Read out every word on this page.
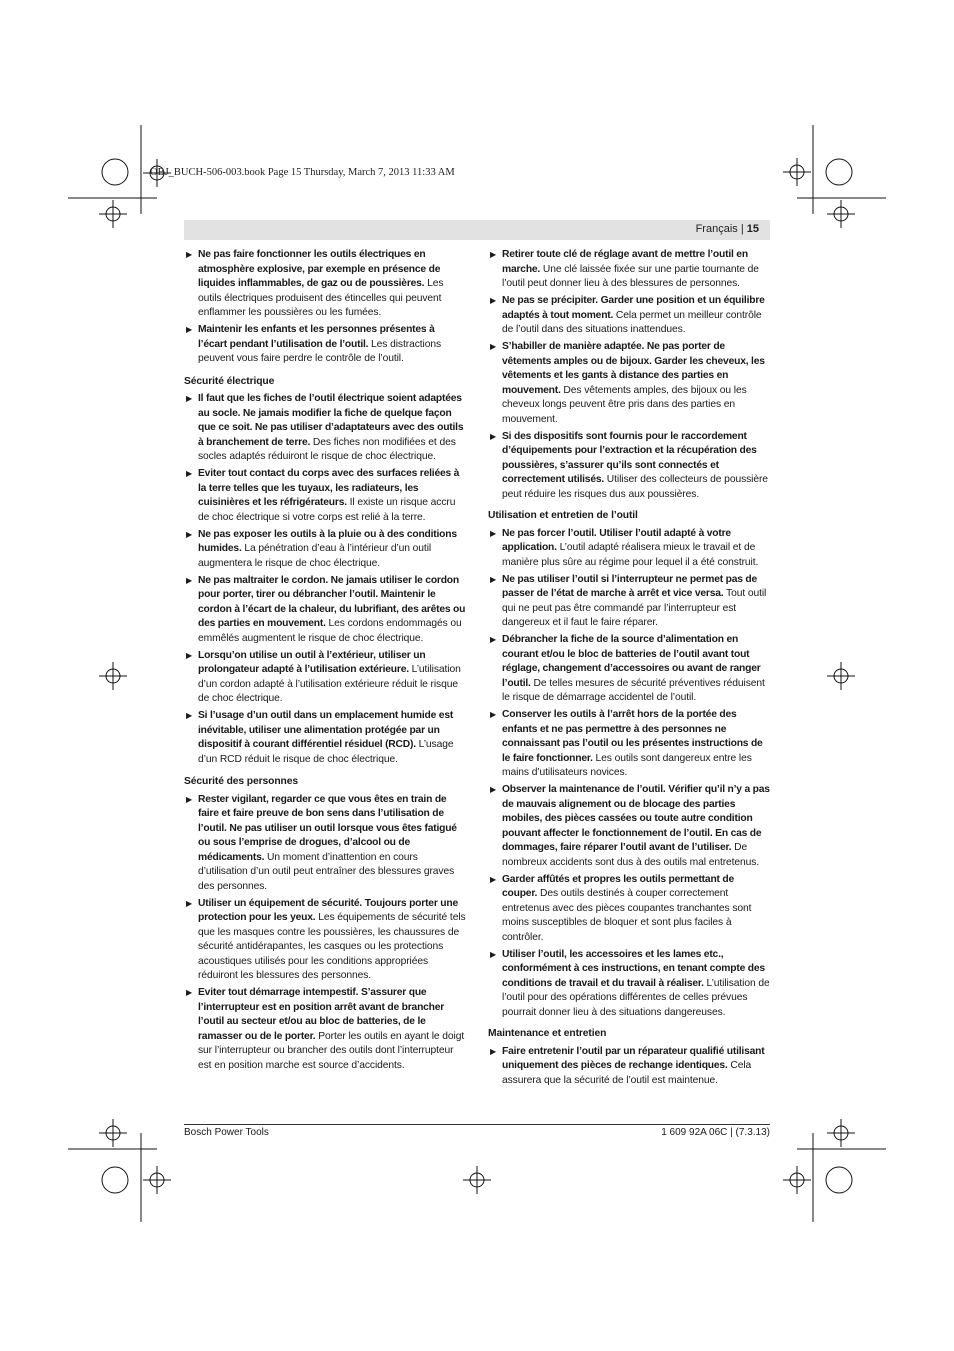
OBJ_BUCH-506-003.book Page 15 Thursday, March 7, 2013 11:33 AM
Français | 15
▶ Ne pas faire fonctionner les outils électriques en atmosphère explosive, par exemple en présence de liquides inflammables, de gaz ou de poussières. Les outils électriques produisent des étincelles qui peuvent enflammer les poussières ou les fumées.
▶ Maintenir les enfants et les personnes présentes à l’écart pendant l’utilisation de l’outil. Les distractions peuvent vous faire perdre le contrôle de l’outil.
Sécurité électrique
▶ Il faut que les fiches de l’outil électrique soient adaptées au socle. Ne jamais modifier la fiche de quelque façon que ce soit. Ne pas utiliser d’adaptateurs avec des outils à branchement de terre. Des fiches non modifiées et des socles adaptés réduiront le risque de choc électrique.
▶ Eviter tout contact du corps avec des surfaces reliées à la terre telles que les tuyaux, les radiateurs, les cuisinières et les réfrigérateurs. Il existe un risque accru de choc électrique si votre corps est relié à la terre.
▶ Ne pas exposer les outils à la pluie ou à des conditions humides. La pénétration d’eau à l’intérieur d’un outil augmentera le risque de choc électrique.
▶ Ne pas maltraiter le cordon. Ne jamais utiliser le cordon pour porter, tirer ou débrancher l’outil. Maintenir le cordon à l’écart de la chaleur, du lubrifiant, des arêtes ou des parties en mouvement. Les cordons endommagés ou emmêlés augmentent le risque de choc électrique.
▶ Lorsqu’on utilise un outil à l’extérieur, utiliser un prolongateur adapté à l’utilisation extérieure. L’utilisation d’un cordon adapté à l’utilisation extérieure réduit le risque de choc électrique.
▶ Si l’usage d’un outil dans un emplacement humide est inévitable, utiliser une alimentation protégée par un dispositif à courant différentiel résiduel (RCD). L’usage d’un RCD réduit le risque de choc électrique.
Sécurité des personnes
▶ Rester vigilant, regarder ce que vous êtes en train de faire et faire preuve de bon sens dans l’utilisation de l’outil. Ne pas utiliser un outil lorsque vous êtes fatigué ou sous l’emprise de drogues, d’alcool ou de médicaments. Un moment d’inattention en cours d’utilisation d’un outil peut entraîner des blessures graves des personnes.
▶ Utiliser un équipement de sécurité. Toujours porter une protection pour les yeux. Les équipements de sécurité tels que les masques contre les poussières, les chaussures de sécurité antidérapantes, les casques ou les protections acoustiques utilisés pour les conditions appropriées réduiront les blessures des personnes.
▶ Eviter tout démarrage intempestif. S’assurer que l’interrupteur est en position arrêt avant de brancher l’outil au secteur et/ou au bloc de batteries, de le ramasser ou de le porter. Porter les outils en ayant le doigt sur l’interrupteur ou brancher des outils dont l’interrupteur est en position marche est source d’accidents.
▶ Retirer toute clé de réglage avant de mettre l’outil en marche. Une clé laissée fixée sur une partie tournante de l’outil peut donner lieu à des blessures de personnes.
▶ Ne pas se précipiter. Garder une position et un équilibre adaptés à tout moment. Cela permet un meilleur contrôle de l’outil dans des situations inattendues.
▶ S’habiller de manière adaptée. Ne pas porter de vêtements amples ou de bijoux. Garder les cheveux, les vêtements et les gants à distance des parties en mouvement. Des vêtements amples, des bijoux ou les cheveux longs peuvent être pris dans des parties en mouvement.
▶ Si des dispositifs sont fournis pour le raccordement d’équipements pour l’extraction et la récupération des poussières, s’assurer qu’ils sont connectés et correctement utilisés. Utiliser des collecteurs de poussière peut réduire les risques dus aux poussières.
Utilisation et entretien de l’outil
▶ Ne pas forcer l’outil. Utiliser l’outil adapté à votre application. L’outil adapté réalisera mieux le travail et de manière plus sûre au régime pour lequel il a été construit.
▶ Ne pas utiliser l’outil si l’interrupteur ne permet pas de passer de l’état de marche à arrêt et vice versa. Tout outil qui ne peut pas être commandé par l’interrupteur est dangereux et il faut le faire réparer.
▶ Débrancher la fiche de la source d’alimentation en courant et/ou le bloc de batteries de l’outil avant tout réglage, changement d’accessoires ou avant de ranger l’outil. De telles mesures de sécurité préventives réduisent le risque de démarrage accidentel de l’outil.
▶ Conserver les outils à l’arrêt hors de la portée des enfants et ne pas permettre à des personnes ne connaissant pas l’outil ou les présentes instructions de le faire fonctionner. Les outils sont dangereux entre les mains d’utilisateurs novices.
▶ Observer la maintenance de l’outil. Vérifier qu’il n’y a pas de mauvais alignement ou de blocage des parties mobiles, des pièces cassées ou toute autre condition pouvant affecter le fonctionnement de l’outil. En cas de dommages, faire réparer l’outil avant de l’utiliser. De nombreux accidents sont dus à des outils mal entretenus.
▶ Garder affûtés et propres les outils permettant de couper. Des outils destinés à couper correctement entretenus avec des pièces coupantes tranchantes sont moins susceptibles de bloquer et sont plus faciles à contrôler.
▶ Utiliser l’outil, les accessoires et les lames etc., conformément à ces instructions, en tenant compte des conditions de travail et du travail à réaliser. L’utilisation de l’outil pour des opérations différentes de celles prévues pourrait donner lieu à des situations dangereuses.
Maintenance et entretien
▶ Faire entretenir l’outil par un réparateur qualifié utilisant uniquement des pièces de rechange identiques. Cela assurera que la sécurité de l’outil est maintenue.
Bosch Power Tools	1 609 92A 06C | (7.3.13)
